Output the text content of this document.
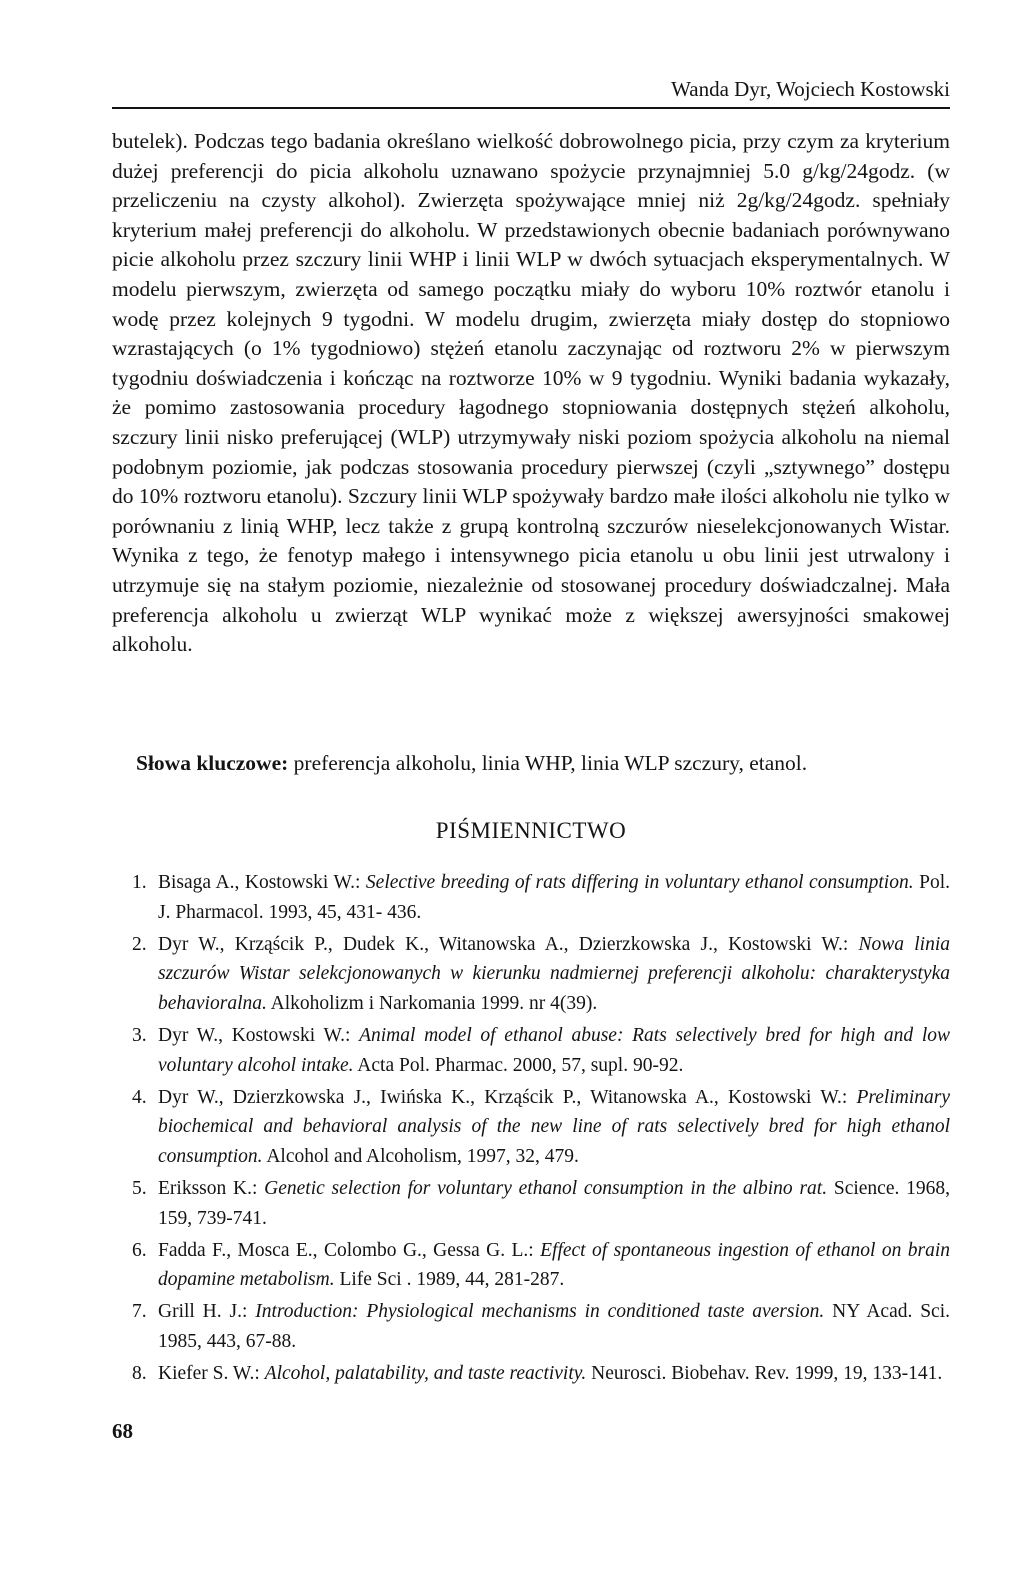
Wanda Dyr, Wojciech Kostowski

butelek). Podczas tego badania określano wielkość dobrowolnego picia, przy czym za kryterium dużej preferencji do picia alkoholu uznawano spożycie przynajmniej 5.0 g/kg/24godz. (w przeliczeniu na czysty alkohol). Zwierzęta spożywające mniej niż 2g/kg/24godz. spełniały kryterium małej preferencji do alkoholu. W przedstawionych obecnie badaniach porównywano picie alkoholu przez szczury linii WHP i linii WLP w dwóch sytuacjach eksperymentalnych. W modelu pierwszym, zwierzęta od samego początku miały do wyboru 10% roztwór etanolu i wodę przez kolejnych 9 tygodni. W modelu drugim, zwierzęta miały dostęp do stopniowo wzrastających (o 1% tygodniowo) stężeń etanolu zaczynając od roztworu 2% w pierwszym tygodniu doświadczenia i kończąc na roztworze 10% w 9 tygodniu. Wyniki badania wykazały, że pomimo zastosowania procedury łagodnego stopniowania dostępnych stężeń alkoholu, szczury linii nisko preferującej (WLP) utrzymywały niski poziom spożycia alkoholu na niemal podobnym poziomie, jak podczas stosowania procedury pierwszej (czyli „sztywnego” dostępu do 10% roztworu etanolu). Szczury linii WLP spożywały bardzo małe ilości alkoholu nie tylko w porównaniu z linią WHP, lecz także z grupą kontrolną szczurów nieselekcjonowanych Wistar. Wynika z tego, że fenotyp małego i intensywnego picia etanolu u obu linii jest utrwalony i utrzymuje się na stałym poziomie, niezależnie od stosowanej procedury doświadczalnej. Mała preferencja alkoholu u zwierząt WLP wynikać może z większej awersyjności smakowej alkoholu.

Słowa kluczowe: preferencja alkoholu, linia WHP, linia WLP szczury, etanol.

PIŚMIENNICTWO
1. Bisaga A., Kostowski W.: Selective breeding of rats differing in voluntary ethanol consumption. Pol. J. Pharmacol. 1993, 45, 431- 436.
2. Dyr W., Krząścik P., Dudek K., Witanowska A., Dzierzkowska J., Kostowski W.: Nowa linia szczurów Wistar selekcjonowanych w kierunku nadmiernej preferencji alkoholu: charakterystyka behavioralna. Alkoholizm i Narkomania 1999. nr 4(39).
3. Dyr W., Kostowski W.: Animal model of ethanol abuse: Rats selectively bred for high and low voluntary alcohol intake. Acta Pol. Pharmac. 2000, 57, supl. 90-92.
4. Dyr W., Dzierzkowska J., Iwińska K., Krząścik P., Witanowska A., Kostowski W.: Preliminary biochemical and behavioral analysis of the new line of rats selectively bred for high ethanol consumption. Alcohol and Alcoholism, 1997, 32, 479.
5. Eriksson K.: Genetic selection for voluntary ethanol consumption in the albino rat. Science. 1968, 159, 739-741.
6. Fadda F., Mosca E., Colombo G., Gessa G. L.: Effect of spontaneous ingestion of ethanol on brain dopamine metabolism. Life Sci . 1989, 44, 281-287.
7. Grill H. J.: Introduction: Physiological mechanisms in conditioned taste aversion. NY Acad. Sci. 1985, 443, 67-88.
8. Kiefer S. W.: Alcohol, palatability, and taste reactivity. Neurosci. Biobehav. Rev. 1999, 19, 133-141.
68
